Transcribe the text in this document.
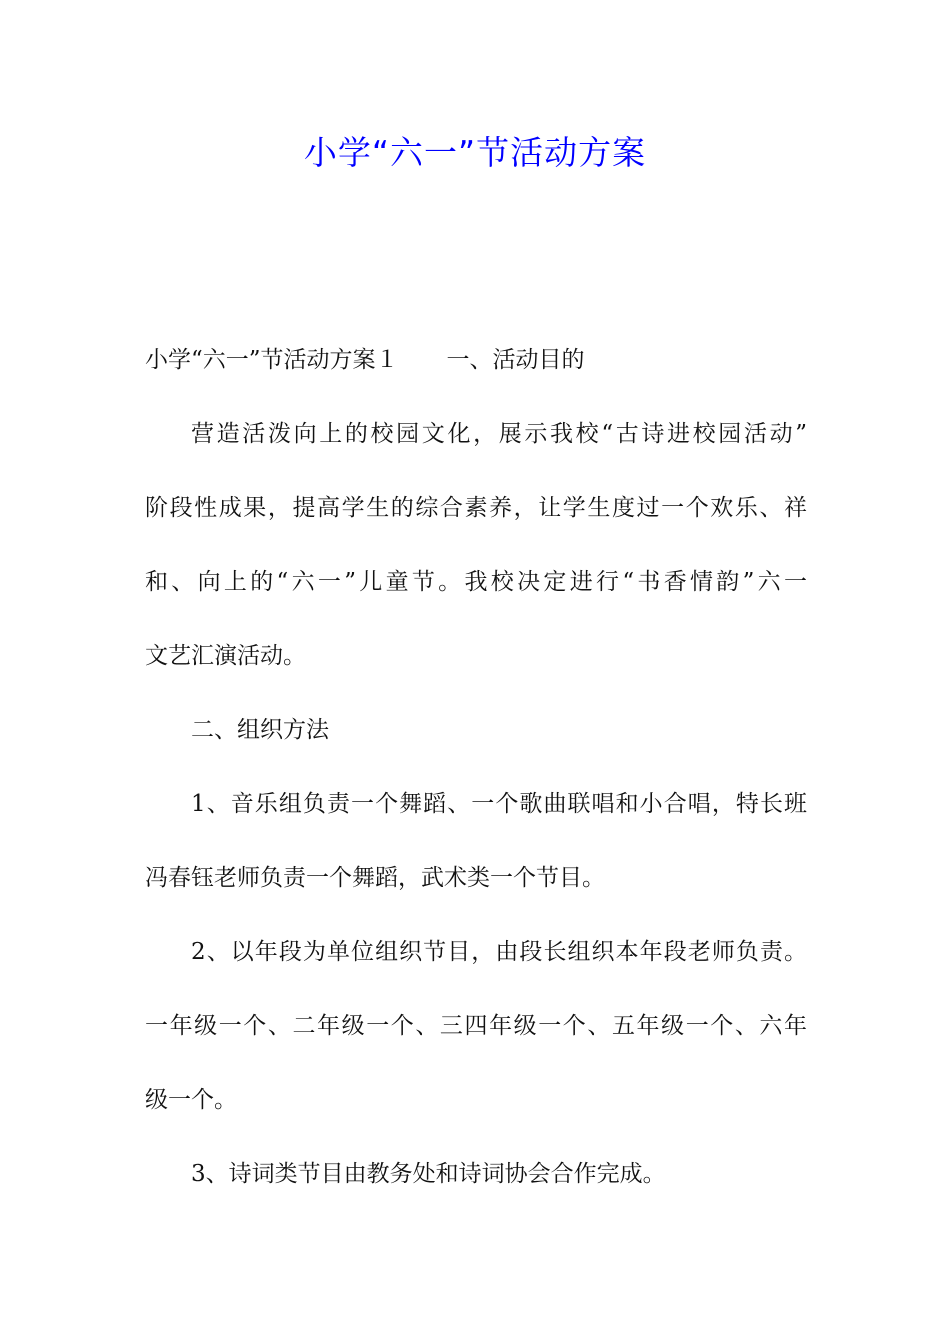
小学“六一”节活动方案
小学“六一”节活动方案１ 一、活动目的
营造活泼向上的校园文化，展示我校“古诗进校园活动”
阶段性成果，提高学生的综合素养，让学生度过一个欢乐、祥
和、向上的“六一”儿童节。我校决定进行“书香情韵”六一
文艺汇演活动。
二、组织方法
1、音乐组负责一个舞蹈、一个歌曲联唱和小合唱，特长班
冯春钰老师负责一个舞蹈，武术类一个节目。
2、以年段为单位组织节目，由段长组织本年段老师负责。
一年级一个、二年级一个、三四年级一个、五年级一个、六年
级一个。
3、诗词类节目由教务处和诗词协会合作完成。
